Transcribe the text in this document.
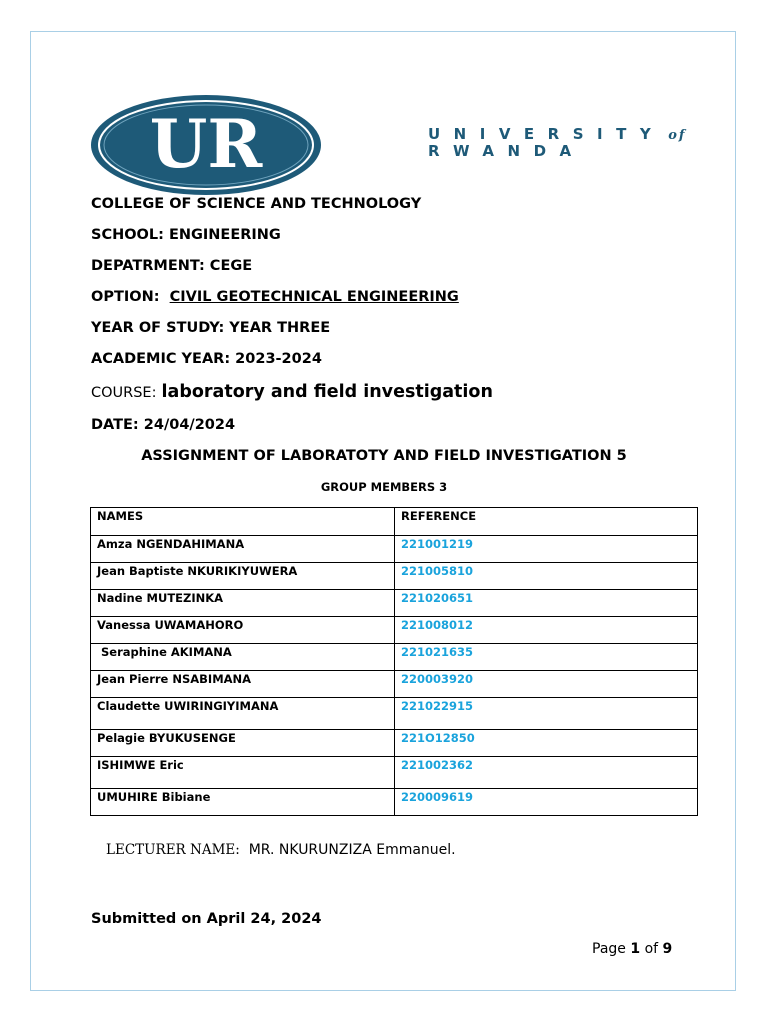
UR	UNIVERSITY of
RWANDA
COLLEGE OF SCIENCE AND TECHNOLOGY
SCHOOL: ENGINEERING
DEPATRMENT: CEGE
OPTION: CIVIL GEOTECHNICAL ENGINEERING
YEAR OF STUDY: YEAR THREE
ACADEMIC YEAR: 2023-2024
COURSE: laboratory and field investigation
DATE: 24/04/2024
ASSIGNMENT OF LABORATOTY AND FIELD INVESTIGATION 5
GROUP MEMBERS 3
NAMES	REFERENCE
Amza NGENDAHIMANA	221001219
Jean Baptiste NKURIKIYUWERA	221005810
Nadine MUTEZINKA	221020651
Vanessa UWAMAHORO	221008012
Seraphine AKIMANA	221021635
Jean Pierre NSABIMANA	220003920
Claudette UWIRINGIYIMANA	221022915
Pelagie BYUKUSENGE	221O12850
ISHIMWE Eric	221002362
UMUHIRE Bibiane	220009619
LECTURER NAME: MR. NKURUNZIZA Emmanuel.
Submitted on April 24, 2024
Page 1 of 9
